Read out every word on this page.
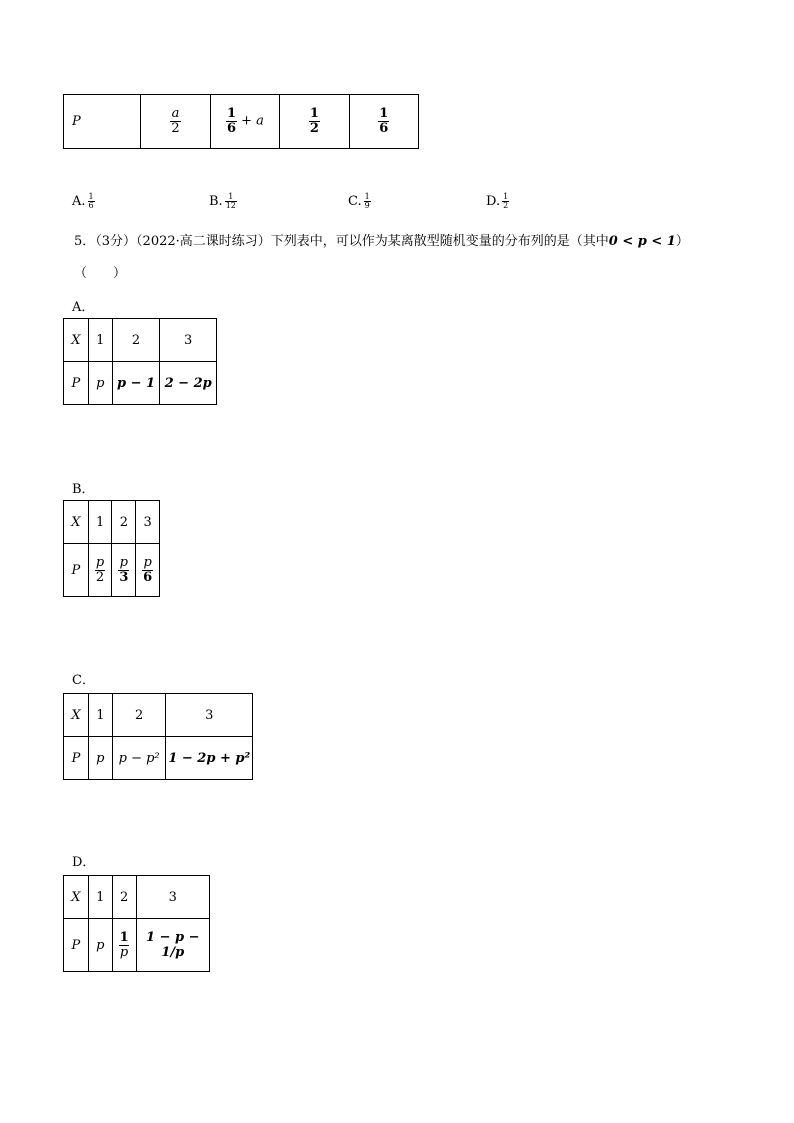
P	$\frac{a}{2}$	$\frac{1}{6} + a$	$\frac{1}{2}$	$\frac{1}{6}$
A. $\frac{1}{6}$	B. $\frac{1}{12}$	C. $\frac{1}{9}$	D. $\frac{1}{2}$
5．（3分）（2022·高二课时练习）下列表中，可以作为某离散型随机变量的分布列的是（其中0 < p < 1）
（　　）
A．
X	1	2	3
P	p	p − 1	2 − 2p
B．
X	1	2	3
P	$\frac{p}{2}$	$\frac{p}{3}$	$\frac{p}{6}$
C．
X	1	2	3
P	p	p − p²	1 − 2p + p²
D．
X	1	2	3
P	p	$\frac{1}{p}$	1 − p − 1/p
